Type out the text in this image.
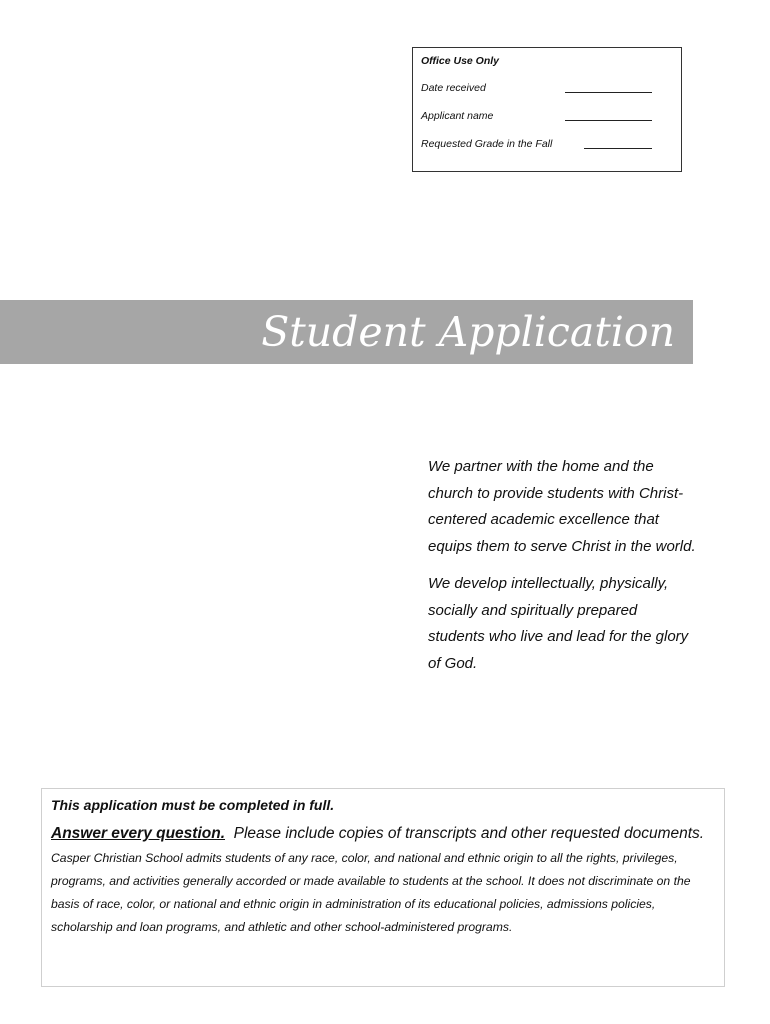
Office Use Only
Date received
Applicant name
Requested Grade in the Fall
Student Application

We partner with the home and the church to provide students with Christ-centered academic excellence that equips them to serve Christ in the world.

We develop intellectually, physically, socially and spiritually prepared students who live and lead for the glory of God.

This application must be completed in full.
Answer every question. Please include copies of transcripts and other requested documents.

Casper Christian School admits students of any race, color, and national and ethnic origin to all the rights, privileges, programs, and activities generally accorded or made available to students at the school. It does not discriminate on the basis of race, color, or national and ethnic origin in administration of its educational policies, admissions policies, scholarship and loan programs, and athletic and other school-administered programs.
